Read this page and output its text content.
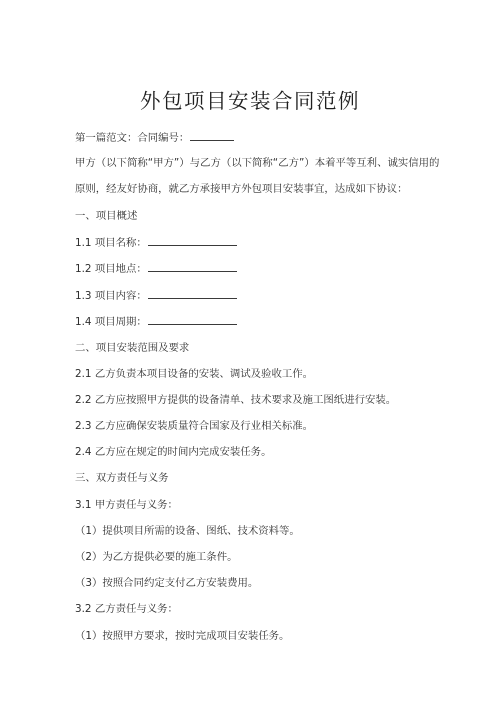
外包项目安装合同范例
第一篇范文：合同编号：
甲方（以下简称“甲方”）与乙方（以下简称“乙方”）本着平等互利、诚实信用的
原则，经友好协商，就乙方承接甲方外包项目安装事宜，达成如下协议：
一、项目概述
1.1 项目名称：
1.2 项目地点：
1.3 项目内容：
1.4 项目周期：
二、项目安装范围及要求
2.1 乙方负责本项目设备的安装、调试及验收工作。
2.2 乙方应按照甲方提供的设备清单、技术要求及施工图纸进行安装。
2.3 乙方应确保安装质量符合国家及行业相关标准。
2.4 乙方应在规定的时间内完成安装任务。
三、双方责任与义务
3.1 甲方责任与义务：
（1）提供项目所需的设备、图纸、技术资料等。
（2）为乙方提供必要的施工条件。
（3）按照合同约定支付乙方安装费用。
3.2 乙方责任与义务：
（1）按照甲方要求，按时完成项目安装任务。
